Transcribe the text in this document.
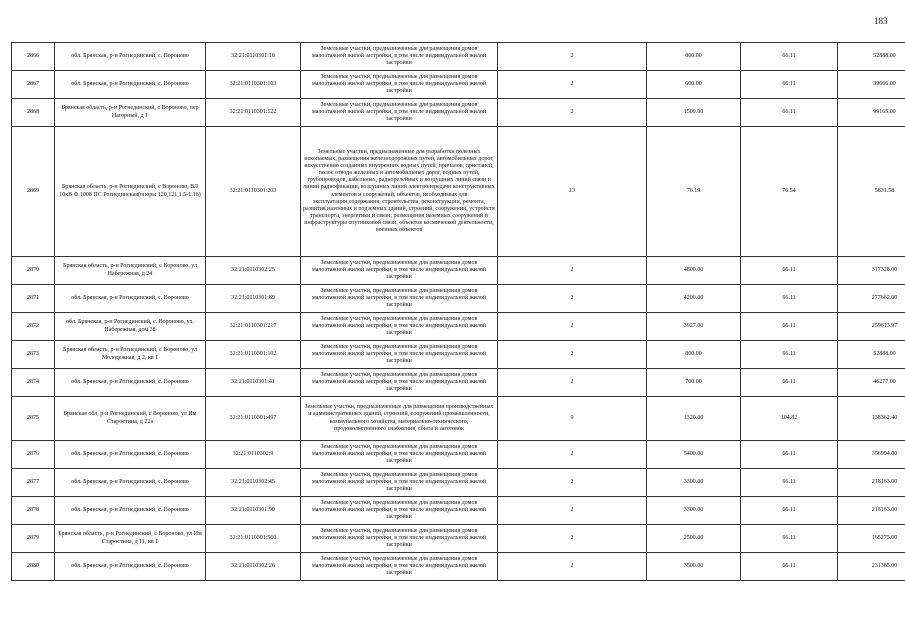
183
2866	обл. Брянская, р-н Рогнединский, с. Вороново	32:21:0110301:18	Земельные участки, предназначенные для размещения домов малоэтажной жилой застройки, в том числе индивидуальной жилой застройки	2	800.00	66.11	52888.00
2867	обл. Брянская, р-н Рогнединский, с. Вороново	32:21:0110301:103	Земельные участки, предназначенные для размещения домов малоэтажной жилой застройки, в том числе индивидуальной жилой застройки	2	600.00	66.11	39666.00
2868	Брянская область, р-н Рогнединский, с Вороново, пер Нагорный, д 1	32:21:0110301:122	Земельные участки, предназначенные для размещения домов малоэтажной жилой застройки, в том числе индивидуальной жилой застройки	2	1500.00	66.11	99165.00
2869	Брянская область, р-н Рогнединский, с Вороново, ВЛ 10кВ Ф.1008 ПС Рогнединская(опоры 120,121,1.5-1.16)	32:21:0110301:203	Земельные участки, предназначенные для разработки полезных ископаемых, размещения железнодорожных путей, автомобильных дорог, искусственно созданных внутренних водных путей, причалов, пристаней, полос отвода железных и автомобильных дорог, водных путей, трубопроводов, кабельных, радиорелейных и воздушных линий связи и линий радиофикации, воздушных линий электропередачи конструктивных элементов и сооружений, объектов, необходимых для эксплуатации,содержания, строительства, реконструкции, ремонта, развития наземных и подземных зданий, строений, сооружений, устройств транспорта, энергетики и связи; размещения наземных сооружений и инфраструктуры спутниковой связи, объектов космической деятельности, военных объектов	13	76.19	76.54	5831.58
2870	Брянская область, р-н Рогнединский, с Вороново, ул Набережная, д 24	32:21:0110302:25	Земельные участки, предназначенные для размещения домов малоэтажной жилой застройки, в том числе индивидуальной жилой застройки	2	4800.00	66.11	317328.00
2871	обл. Брянская, р-н Рогнединский, с. Вороново	32:21:0110301:89	Земельные участки, предназначенные для размещения домов малоэтажной жилой застройки, в том числе индивидуальной жилой застройки	2	4200.00	66.11	277662.00
2872	обл. Брянская, р-н Рогнединский, с. Вороново, ул. Набережная, дом 38	32:21:0110301:217	Земельные участки, предназначенные для размещения домов малоэтажной жилой застройки, в том числе индивидуальной жилой застройки	2	3927.00	66.11	259613.97
2873	Брянская область, р-н Рогнединский, с Вороново, ул Молодежная, д 2, кв 1	32:21:0110301:102	Земельные участки, предназначенные для размещения домов малоэтажной жилой застройки, в том числе индивидуальной жилой застройки	2	800.00	66.11	52888.00
2874	обл. Брянская, р-н Рогнединский, с. Вороново	32:21:0110301:41	Земельные участки, предназначенные для размещения домов малоэтажной жилой застройки, в том числе индивидуальной жилой застройки	2	700.00	66.11	46277.00
2875	Брянская обл, р-н Рогнединский, с Вороново, ул Им Старостина, д 22а	32:21:0110301:497	Земельные участки, предназначенные для размещения производственных и административных зданий, строений, сооружений промышленности, коммунального хозяйства, материально-технического, продовольственного снабжения, сбыта и заготовок	9	1320.00	104.82	138362.40
2876	обл. Брянская, р-н Рогнединский, с. Вороново	32:21:0110302:9	Земельные участки, предназначенные для размещения домов малоэтажной жилой застройки, в том числе индивидуальной жилой застройки	2	5400.00	66.11	356994.00
2877	обл. Брянская, р-н Рогнединский, с. Вороново	32:21:0110302:45	Земельные участки, предназначенные для размещения домов малоэтажной жилой застройки, в том числе индивидуальной жилой застройки	2	3300.00	66.11	218163.00
2878	обл. Брянская, р-н Рогнединский, с. Вороново	32:21:0110301:90	Земельные участки, предназначенные для размещения домов малоэтажной жилой застройки, в том числе индивидуальной жилой застройки	2	3300.00	66.11	218163.00
2879	Брянская область, р-н Рогнединский, с Вороново, ул Им Старостина, д 11, кв 1	32:21:0110301:560	Земельные участки, предназначенные для размещения домов малоэтажной жилой застройки, в том числе индивидуальной жилой застройки	2	2500.00	66.11	165275.00
2880	обл. Брянская, р-н Рогнединский, с. Вороново	32:21:0110302:26	Земельные участки, предназначенные для размещения домов малоэтажной жилой застройки, в том числе индивидуальной жилой застройки	2	3500.00	66.11	231385.00
